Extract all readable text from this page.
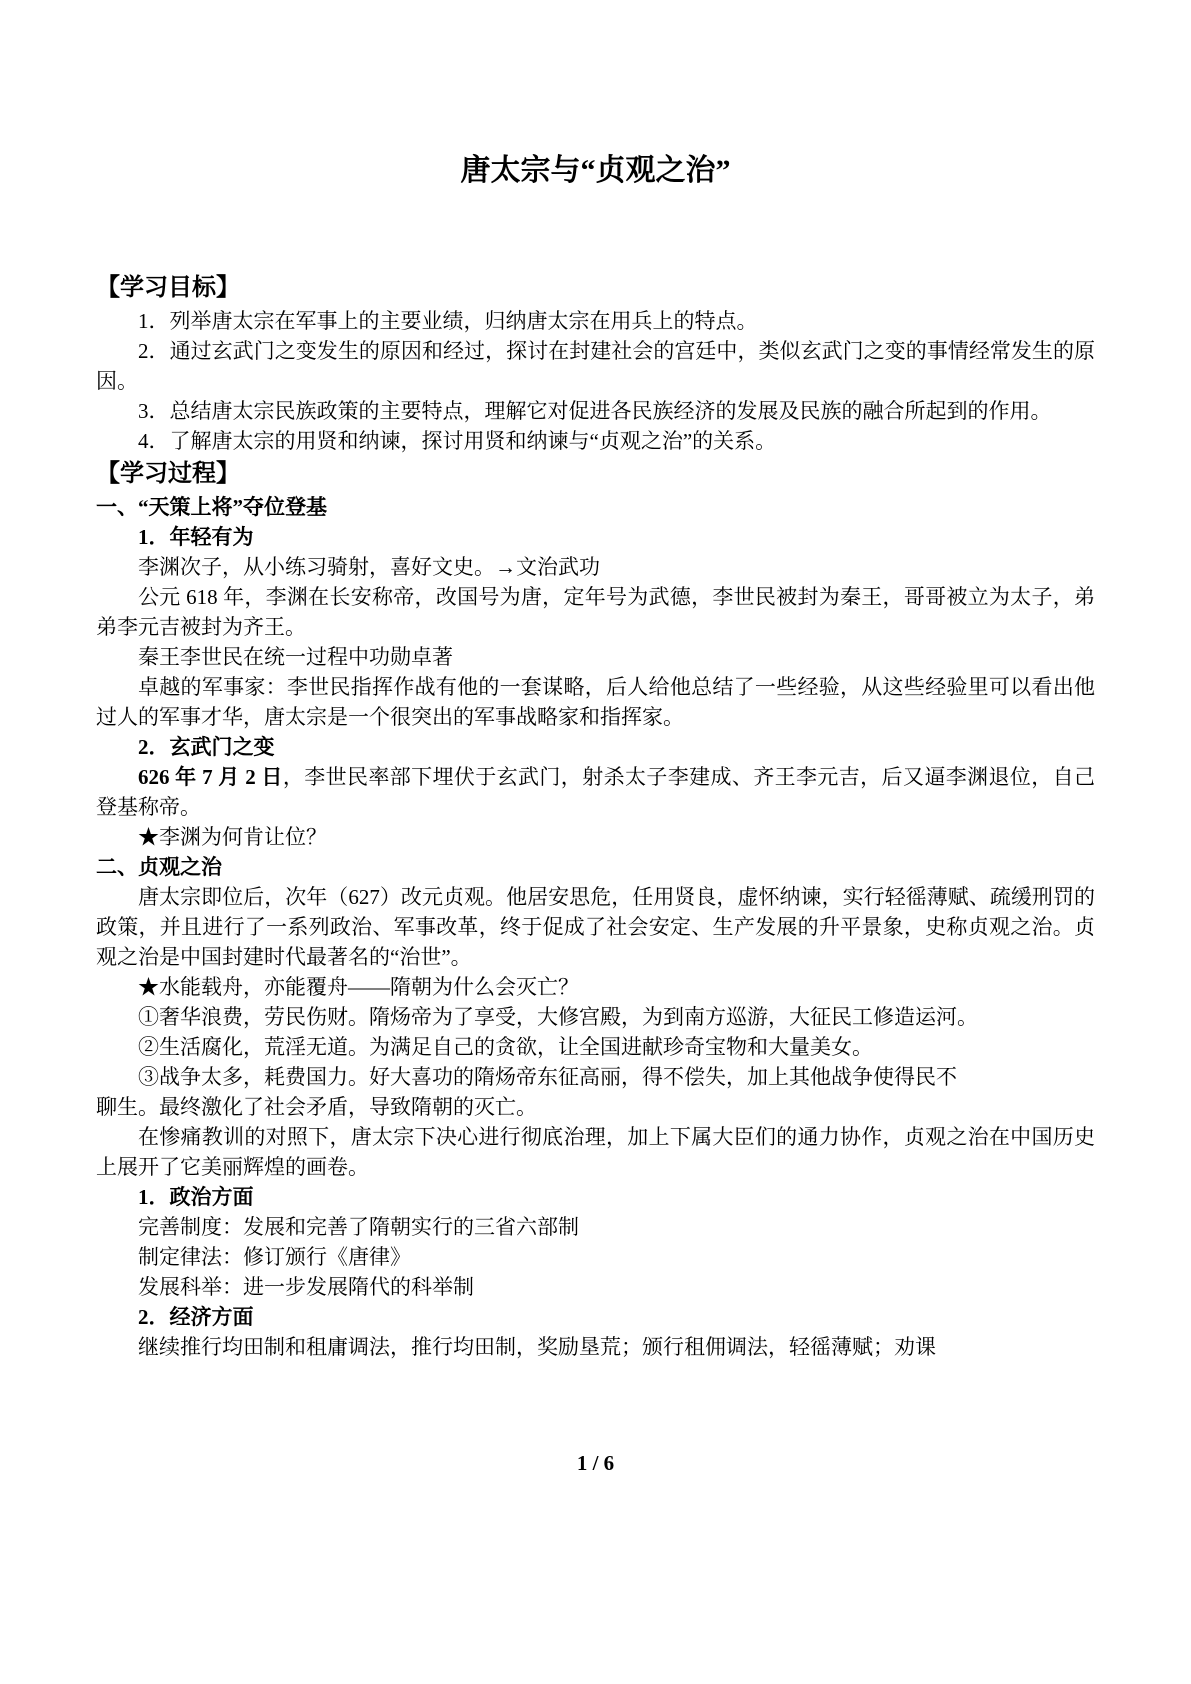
唐太宗与“贞观之治”
【学习目标】

1．列举唐太宗在军事上的主要业绩，归纳唐太宗在用兵上的特点。

2．通过玄武门之变发生的原因和经过，探讨在封建社会的宫廷中，类似玄武门之变的事情经常发生的原因。

3．总结唐太宗民族政策的主要特点，理解它对促进各民族经济的发展及民族的融合所起到的作用。

4．了解唐太宗的用贤和纳谏，探讨用贤和纳谏与“贞观之治”的关系。

【学习过程】

一、“天策上将”夺位登基

1．年轻有为

李渊次子，从小练习骑射，喜好文史。→文治武功

公元 618 年，李渊在长安称帝，改国号为唐，定年号为武德，李世民被封为秦王，哥哥被立为太子，弟弟李元吉被封为齐王。

秦王李世民在统一过程中功勋卓著

卓越的军事家：李世民指挥作战有他的一套谋略，后人给他总结了一些经验，从这些经验里可以看出他过人的军事才华，唐太宗是一个很突出的军事战略家和指挥家。

2．玄武门之变

626 年 7 月 2 日，李世民率部下埋伏于玄武门，射杀太子李建成、齐王李元吉，后又逼李渊退位，自己登基称帝。

★李渊为何肯让位？

二、贞观之治

唐太宗即位后，次年（627）改元贞观。他居安思危，任用贤良，虚怀纳谏，实行轻徭薄赋、疏缓刑罚的政策，并且进行了一系列政治、军事改革，终于促成了社会安定、生产发展的升平景象，史称贞观之治。贞观之治是中国封建时代最著名的“治世”。

★水能载舟，亦能覆舟——隋朝为什么会灭亡？

①奢华浪费，劳民伤财。隋炀帝为了享受，大修宫殿，为到南方巡游，大征民工修造运河。

②生活腐化，荒淫无道。为满足自己的贪欲，让全国进献珍奇宝物和大量美女。

③战争太多，耗费国力。好大喜功的隋炀帝东征高丽，得不偿失，加上其他战争使得民不

聊生。最终激化了社会矛盾，导致隋朝的灭亡。

在惨痛教训的对照下，唐太宗下决心进行彻底治理，加上下属大臣们的通力协作，贞观之治在中国历史上展开了它美丽辉煌的画卷。

1．政治方面

完善制度：发展和完善了隋朝实行的三省六部制

制定律法：修订颁行《唐律》

发展科举：进一步发展隋代的科举制

2．经济方面

继续推行均田制和租庸调法，推行均田制，奖励垦荒；颁行租佣调法，轻徭薄赋；劝课

1 / 6
